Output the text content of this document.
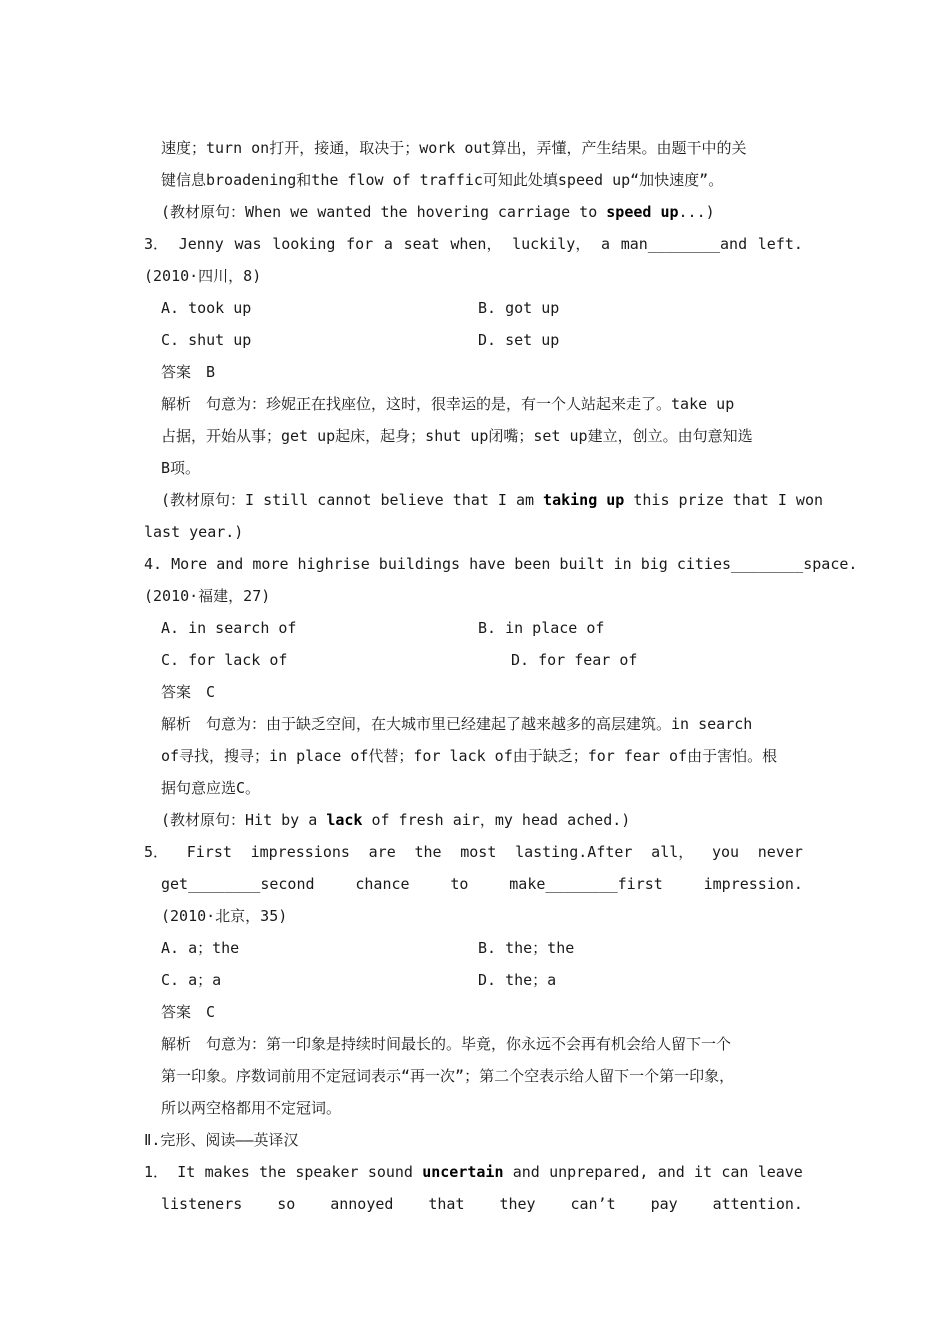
速度；turn on打开，接通，取决于；work out算出，弄懂，产生结果。由题干中的关
键信息broadening和the flow of traffic可知此处填speed up“加快速度”。
(教材原句：When we wanted the hovering carriage to speed up...)
3． Jenny was looking for a seat when， luckily， a man________and left.
(2010·四川，8)
A. took up	B. got up
C. shut up	D. set up
答案　B
解析　句意为：珍妮正在找座位，这时，很幸运的是，有一个人站起来走了。take up
占据，开始从事；get up起床，起身；shut up闭嘴；set up建立，创立。由句意知选
B项。
(教材原句：I still cannot believe that I am taking up this prize that I won
last year.)
4. More and more highrise buildings have been built in big cities________space.
(2010·福建，27)
A. in search of	B. in place of
C. for lack of	D. for fear of
答案　C
解析　句意为：由于缺乏空间，在大城市里已经建起了越来越多的高层建筑。in search
of寻找，搜寻；in place of代替；for lack of由于缺乏；for fear of由于害怕。根
据句意应选C。
(教材原句：Hit by a lack of fresh air，my head ached.)
5． First impressions are the most lasting.After all， you never
get________second	chance	to	make________first	impression.
(2010·北京，35)
A. a；the	B. the；the
C. a；a	D. the；a
答案　C
解析　句意为：第一印象是持续时间最长的。毕竟，你永远不会再有机会给人留下一个
第一印象。序数词前用不定冠词表示“再一次”；第二个空表示给人留下一个第一印象，
所以两空格都用不定冠词。
Ⅱ.完形、阅读——英译汉
1． It makes the speaker sound uncertain and unprepared, and it can leave
listeners so annoyed that they can’t pay attention.
